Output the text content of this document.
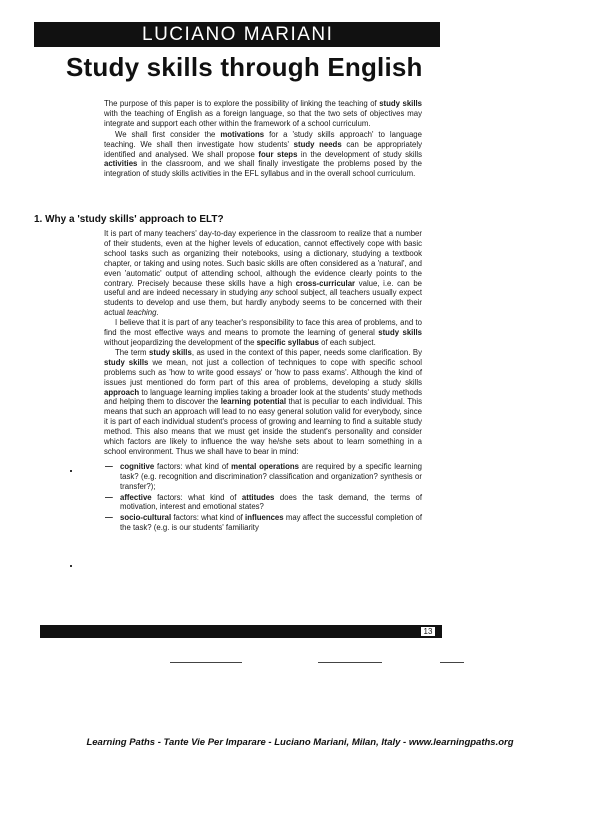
LUCIANO MARIANI
Study skills through English

The purpose of this paper is to explore the possibility of linking the teaching of study skills with the teaching of English as a foreign language, so that the two sets of objectives may integrate and support each other within the framework of a school curriculum.

We shall first consider the motivations for a 'study skills approach' to language teaching. We shall then investigate how students' study needs can be appropriately identified and analysed. We shall propose four steps in the development of study skills activities in the classroom, and we shall finally investigate the problems posed by the integration of study skills activities in the EFL syllabus and in the overall school curriculum.

1. Why a 'study skills' approach to ELT?

It is part of many teachers' day-to-day experience in the classroom to realize that a number of their students, even at the higher levels of education, cannot effectively cope with basic school tasks such as organizing their notebooks, using a dictionary, studying a textbook chapter, or taking and using notes. Such basic skills are often considered as a 'natural', and even 'automatic' output of attending school, although the evidence clearly points to the contrary. Precisely because these skills have a high cross-curricular value, i.e. can be useful and are indeed necessary in studying any school subject, all teachers usually expect students to develop and use them, but hardly anybody seems to be concerned with their actual teaching.

I believe that it is part of any teacher's responsibility to face this area of problems, and to find the most effective ways and means to promote the learning of general study skills without jeopardizing the development of the specific syllabus of each subject.

The term study skills, as used in the context of this paper, needs some clarification. By study skills we mean, not just a collection of techniques to cope with specific school problems such as 'how to write good essays' or 'how to pass exams'. Although the kind of issues just mentioned do form part of this area of problems, developing a study skills approach to language learning implies taking a broader look at the students' study methods and helping them to discover the learning potential that is peculiar to each individual. This means that such an approach will lead to no easy general solution valid for everybody, since it is part of each individual student's process of growing and learning to find a suitable study method. This also means that we must get inside the student's personality and consider which factors are likely to influence the way he/she sets about to learn something in a school environment. Thus we shall have to bear in mind:

— cognitive factors: what kind of mental operations are required by a specific learning task? (e.g. recognition and discrimination? classification and organization? synthesis or transfer?);
— affective factors: what kind of attitudes does the task demand, the terms of motivation, interest and emotional states?
— socio-cultural factors: what kind of influences may affect the successful completion of the task? (e.g. is our students' familiarity
13

Learning Paths - Tante Vie Per Imparare - Luciano Mariani, Milan, Italy - www.learningpaths.org
